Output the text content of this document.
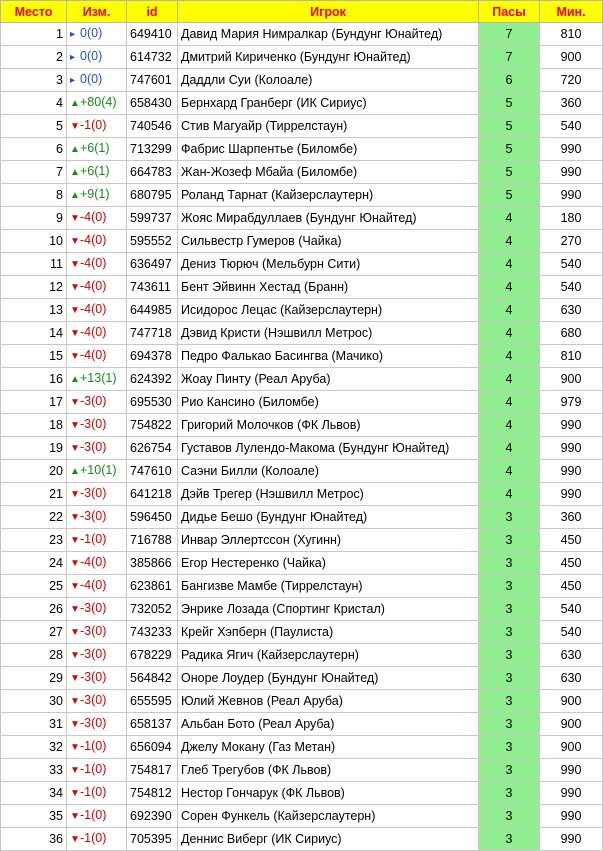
Место	Изм.	id	Игрок	Пасы	Мин.
1	▸ 0(0)	649410	Давид Мария Нимралкар (Бундунг Юнайтед)	7	810
2	▸ 0(0)	614732	Дмитрий Кириченко (Бундунг Юнайтед)	7	900
3	▸ 0(0)	747601	Даддли Суи (Колоале)	6	720
4	▲+80(4)	658430	Бернхард Гранберг (ИК Сириус)	5	360
5	▼-1(0)	740546	Стив Магуайр (Тиррелстаун)	5	540
6	▲+6(1)	713299	Фабрис Шарпентье (Биломбе)	5	990
7	▲+6(1)	664783	Жан-Жозеф Мбайа (Биломбе)	5	990
8	▲+9(1)	680795	Роланд Тарнат (Кайзерслаутерн)	5	990
9	▼-4(0)	599737	Жояс Мирабдуллаев (Бундунг Юнайтед)	4	180
10	▼-4(0)	595552	Сильвестр Гумеров (Чайка)	4	270
11	▼-4(0)	636497	Дениз Тюрюч (Мельбурн Сити)	4	540
12	▼-4(0)	743611	Бент Эйвинн Хестад (Бранн)	4	540
13	▼-4(0)	644985	Исидорос Лецас (Кайзерслаутерн)	4	630
14	▼-4(0)	747718	Дэвид Кристи (Нэшвилл Метрос)	4	680
15	▼-4(0)	694378	Педро Фалькао Басингва (Мачико)	4	810
16	▲+13(1)	624392	Жоау Пинту (Реал Аруба)	4	900
17	▼-3(0)	695530	Рио Кансино (Биломбе)	4	979
18	▼-3(0)	754822	Григорий Молочков (ФК Львов)	4	990
19	▼-3(0)	626754	Густавов Лулендо-Макома (Бундунг Юнайтед)	4	990
20	▲+10(1)	747610	Саэни Билли (Колоале)	4	990
21	▼-3(0)	641218	Дэйв Трегер (Нэшвилл Метрос)	4	990
22	▼-3(0)	596450	Дидье Бешо (Бундунг Юнайтед)	3	360
23	▼-1(0)	716788	Инвар Эллертссон (Хугинн)	3	450
24	▼-4(0)	385866	Егор Нестеренко (Чайка)	3	450
25	▼-4(0)	623861	Бангизве Мамбе (Тиррелстаун)	3	450
26	▼-3(0)	732052	Энрике Лозада (Спортинг Кристал)	3	540
27	▼-3(0)	743233	Крейг Хэпберн (Паулиста)	3	540
28	▼-3(0)	678229	Радика Ягич (Кайзерслаутерн)	3	630
29	▼-3(0)	564842	Оноре Лоудер (Бундунг Юнайтед)	3	630
30	▼-3(0)	655595	Юлий Жевнов (Реал Аруба)	3	900
31	▼-3(0)	658137	Альбан Бото (Реал Аруба)	3	900
32	▼-1(0)	656094	Джелу Мокану (Газ Метан)	3	900
33	▼-1(0)	754817	Глеб Трегубов (ФК Львов)	3	990
34	▼-1(0)	754812	Нестор Гончарук (ФК Львов)	3	990
35	▼-1(0)	692390	Сорен Функель (Кайзерслаутерн)	3	990
36	▼-1(0)	705395	Деннис Виберг (ИК Сириус)	3	990
